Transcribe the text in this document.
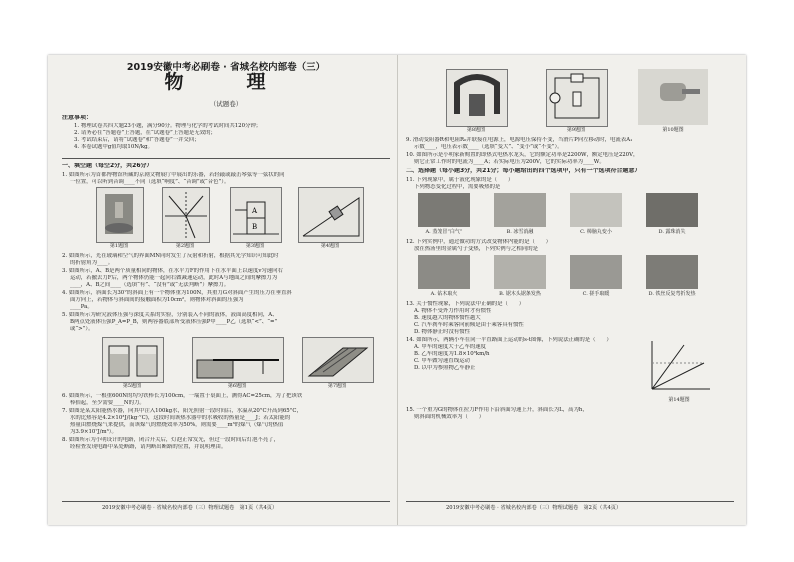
2019安徽中考必刷卷 · 省城名校内部卷（三）
物　理
（试题卷）
注意事项：
1. 物理试卷共四大题23小题，满分90分。物理与化学的考试时间共120分钟；
2. 请务必在“答题卷”上答题，在“试题卷”上答题是无效的；
3. 考试结束后，请将“试题卷”和“答题卷”一并交回；
4. 本卷试题中g值均取10N/kg。
一、填空题（每空2分，共26分）
1. 如图所示为首都博物馆所藏的京剧文物展厅中展出的乐器，若轻敲或敲击琴弦等一弦状的同
一位置，可以听到音调____不同（选填“响度”、“音调”或“音色”）。
A
B
第1题图	第2题图	第3题图	第4题图
2. 如图所示，光在玻璃和空气的界面MN同时发生了反射和折射，根据其光学知识可知此时
的折射角为____。
3. 如图所示，A、B是两个质量相同的物体，在水平力F的作用下在水平面上以速度v匀速向右
运动，若撤去力F后，两个物体仍能一起向右做减速运动，此时A与地面之间的摩擦力为
____，A、B之间____（选填“有”、“没有”或“无法判断”）摩擦力。
4. 如图所示，斜面长为30°的斜面上有一个物体重为100N，其重力G对斜面产生的压力在垂直斜
面方向上，若物体与斜面间的接触面积为10cm²，则物体对斜面的压强为
____Pa。
5. 如图所示为研究液体压强与深度关系的实验，分别装入不同的液体，液面高度相同，A、
B两点处液体压强P_A=P_B，则两容器底部所受液体压强P甲____P乙（选填“<”、“=”
或“>”）。
第5题图	第6题图	第7题图
6. 如图所示，一根重600N的均匀铁棒长为100cm，一端置于桌面上，测得AC=25cm，为了把该铁
棒抬起，至少需要____N的力。
7. 如图是某太阳能热水器，向其中注入100kg水，阳光照射一段时间后，水温从20°C升高到65°C，
水的比热容是4.2×10³J/(kg·°C)，这段时间该热水器中的水吸收的热量是____J；若太阳能的
热量由燃烧煤气来提供，而该煤气的燃烧效率为50%，则需要____m³的煤气（煤气的热值
为3.9×10⁷J/m³）。
8. 如图所示为小明设计的电路，闭合开关后，灯泡正常发光，但过一段时间后灯泡不亮了，
经检查发现电路中某处断路，请判断出断路的位置，并说明理由。
2019安徽中考必刷卷 · 省城名校内部卷（三）物理试题卷　第1页（共4页）
第8题图	第9题图	第10题图
9. 滑动变阻器R和电阻R₀并联接在电源上，电源电压保持不变，当滑片P向左移动时，电流表A₁
示数____，电压表示数____（选填“变大”、“变小”或“不变”）。
10. 如图所示是小明家新购置的即热式电热水龙头，它的额定功率是2200W，额定电压是220V，
则它正常工作时的电流为____A；若实际电压为200V，它的实际功率为____W。
二、选择题（每小题3分，共21分；每小题给出的四个选项中，只有一个选项符合题意）
11. 下列现象中，属于液化现象的是（　　）
下列物态变化过程中，需要吸热的是
A. 蒸笼冒“白气”	B. 冰雪消融	C. 樟脑丸变小	D. 露珠消失
12. 下列实例中，通过做功的方式改变物体内能的是（　　）
放在热汤里的金属勺子变热，下列实例与之相同的是
A. 钻木取火	B. 锯木头锯条发热	C. 搓手取暖	D. 铁丝反复弯折发热
13. 关于惯性现象，下列说法中正确的是（　　）
A. 物体不受外力作用时才有惯性
B. 速度越大的物体惯性越大
C. 汽车刹车时乘客向前倾是由于乘客具有惯性
D. 物体静止时没有惯性
14. 如图所示，两辆小车在同一平直路面上运动的s-t图像，下列说法正确的是（　　）
A. 甲车的速度大于乙车的速度
B. 乙车的速度为1.8×10³km/h
C. 甲车做匀速直线运动
D. 以甲为参照物乙车静止
第14题图
15. 一个重为G的物体在拉力F作用下沿斜面匀速上升，斜面长为L，高为h，
则斜面的机械效率为（　　）
2019安徽中考必刷卷 · 省城名校内部卷（三）物理试题卷　第2页（共4页）
